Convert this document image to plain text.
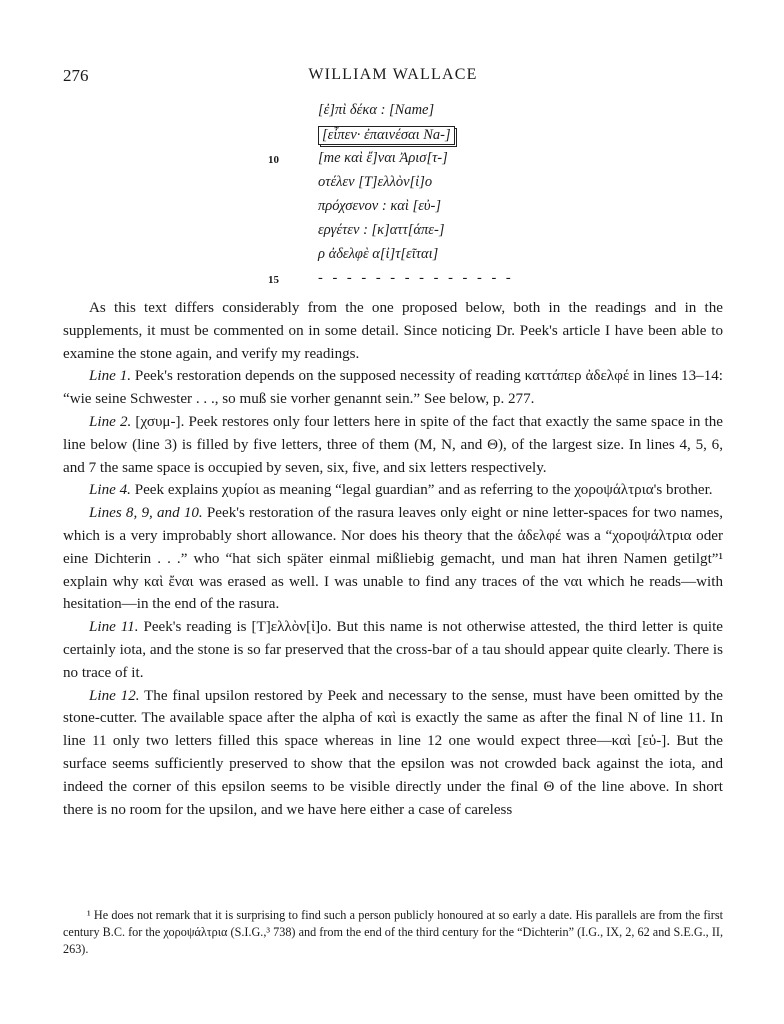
276	WILLIAM WALLACE
[ἐ]πὶ δέκα : [Name]
[εἶπεν· ἐπαινέσαι Na-]
10	[me καὶ ἔ]ναι Ἀρισ[τ-]
οτέλεν [Τ]ελλὸν[ἰ]ο
πρόχσενον : καὶ [εὐ-]
εργέτεν : [κ]αττ[άπε-]
ρ ἀδελφὲ α[ἰ]τ[εῖται]
15	- - - - - - - - - - - - - -

As this text differs considerably from the one proposed below, both in the readings and in the supplements, it must be commented on in some detail. Since noticing Dr. Peek's article I have been able to examine the stone again, and verify my readings.

Line 1. Peek's restoration depends on the supposed necessity of reading καττάπερ ἀδελφέ in lines 13–14: “wie seine Schwester . . ., so muß sie vorher genannt sein.” See below, p. 277.

Line 2. [χσυμ-]. Peek restores only four letters here in spite of the fact that exactly the same space in the line below (line 3) is filled by five letters, three of them (M, N, and Θ), of the largest size. In lines 4, 5, 6, and 7 the same space is occupied by seven, six, five, and six letters respectively.

Line 4. Peek explains χυρίοι as meaning “legal guardian” and as referring to the χοροψάλτρια's brother.

Lines 8, 9, and 10. Peek's restoration of the rasura leaves only eight or nine letter-spaces for two names, which is a very improbably short allowance. Nor does his theory that the ἀδελφέ was a “χοροψάλτρια oder eine Dichterin . . .” who “hat sich später einmal mißliebig gemacht, und man hat ihren Namen getilgt”¹ explain why καὶ ἔναι was erased as well. I was unable to find any traces of the ναι which he reads—with hesitation—in the end of the rasura.

Line 11. Peek's reading is [Τ]ελλὸν[ἰ]ο. But this name is not otherwise attested, the third letter is quite certainly iota, and the stone is so far preserved that the cross-bar of a tau should appear quite clearly. There is no trace of it.

Line 12. The final upsilon restored by Peek and necessary to the sense, must have been omitted by the stone-cutter. The available space after the alpha of καὶ is exactly the same as after the final N of line 11. In line 11 only two letters filled this space whereas in line 12 one would expect three—καὶ [εὐ-]. But the surface seems sufficiently preserved to show that the epsilon was not crowded back against the iota, and indeed the corner of this epsilon seems to be visible directly under the final Θ of the line above. In short there is no room for the upsilon, and we have here either a case of careless

¹ He does not remark that it is surprising to find such a person publicly honoured at so early a date. His parallels are from the first century B.C. for the χοροψάλτρια (S.I.G.,³ 738) and from the end of the third century for the “Dichterin” (I.G., IX, 2, 62 and S.E.G., II, 263).
